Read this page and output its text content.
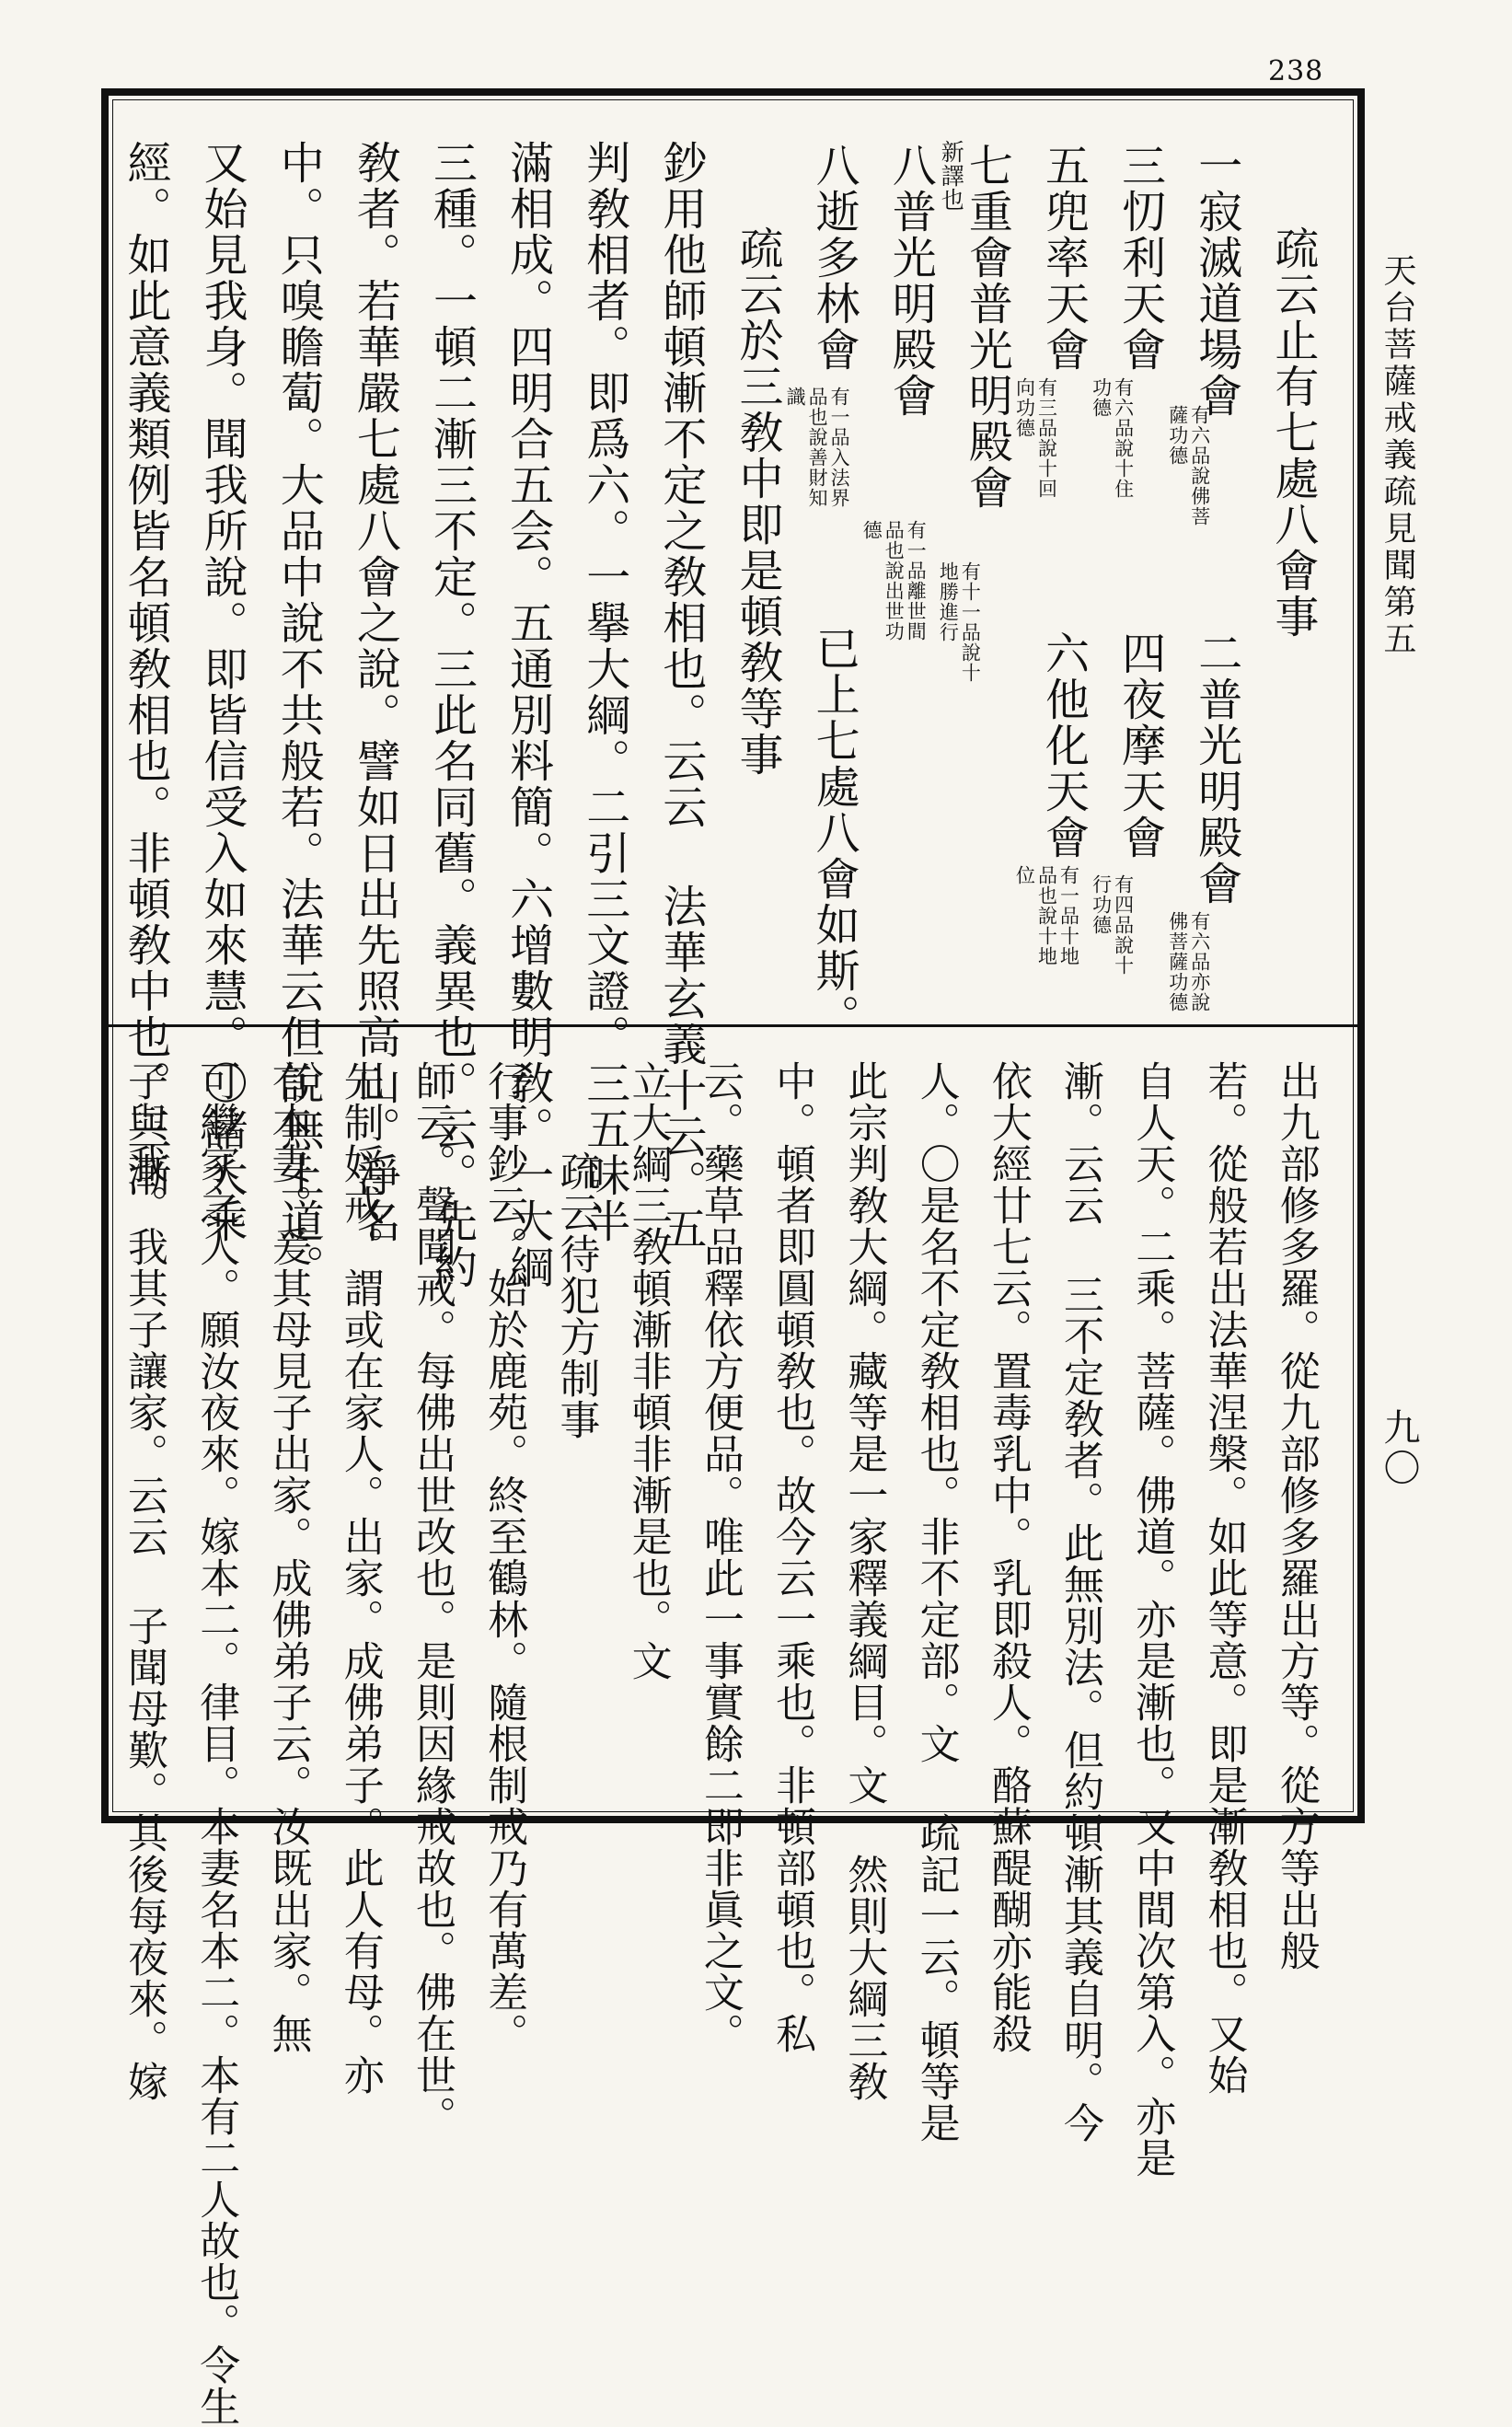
238
天台菩薩戒義疏見聞第五
九〇
疏云止有七處八會事
一寂滅道場會
有六品說佛菩薩功德
二普光明殿會
有六品亦說佛菩薩功德
三忉利天會
有六品說十住功德
四夜摩天會
有四品說十行功德
五兜率天會
有三品說十回向功德
六他化天會
有一品十地品也說十地位
七重會普光明殿會
有十一品說十地勝進行
新譯也
八普光明殿會
有一品離世間品也說出世功德
八逝多林會
有一品入法界品也說善財知識
已上七處八會如斯。
疏云於三敎中即是頓敎等事
鈔用他師頓漸不定之敎相也。云云 法華玄義十云。五
判敎相者。即爲六。一擧大綱。二引三文證。三五味半
滿相成。四明合五会。五通別料簡。六增數明敎。一大綱
三種。一頓二漸三不定。三此名同舊。義異也。云。先約
敎者。若華嚴七處八會之說。譬如日出先照高山。淨名
中。只嗅瞻蔔。大品中說不共般若。法華云但說無上道。
又始見我身。聞我所說。即皆信受入如來慧。〇諸大乘
經。如此意義類例皆名頓敎相也。非頓敎中也。三漸
出九部修多羅。從九部修多羅出方等。從方等出般
若。從般若出法華涅槃。如此等意。即是漸敎相也。又始
自人天。二乘。菩薩。佛道。亦是漸也。又中間次第入。亦是
漸。云云 三不定敎者。此無別法。但約頓漸其義自明。今
依大經廿七云。置毒乳中。乳即殺人。酪蘇醍醐亦能殺
人。〇是名不定敎相也。非不定部。文 疏記一云。頓等是
此宗判敎大綱。藏等是一家釋義綱目。文 然則大綱三敎
中。頓者即圓頓敎也。故今云一乘也。非頓部頓也。私
云。藥草品釋依方便品。唯此一事實餘二即非眞之文。
立大綱三敎頓漸非頓非漸是也。文
疏云待犯方制事
行事鈔云。始於鹿苑。終至鶴林。隨根制戒乃有萬差。
師云。聲聞戒。每佛出世改也。是則因緣戒故也。佛在世。
先制婬戒。謂或在家人。出家。成佛弟子。此人有母。亦
有本妻。爰其母見子出家。成佛弟子云。汝既出家。無
可繼家之人。願汝夜來。嫁本二。律目。本妻名本二。本有二人故也。令生
子與我。我其子讓家。云云 子聞母歎。其後每夜來。嫁
